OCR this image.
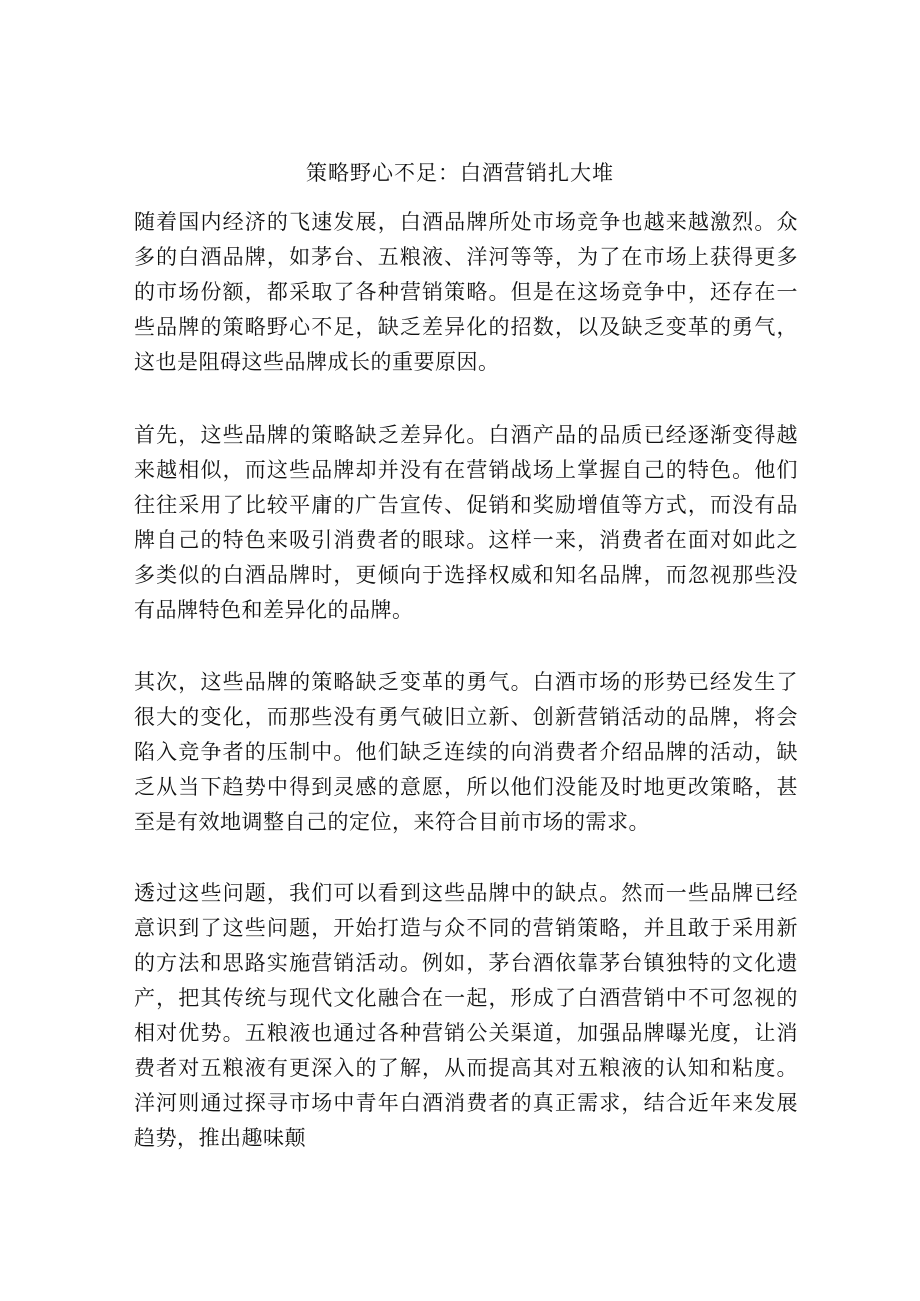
策略野心不足：白酒营销扎大堆

随着国内经济的飞速发展，白酒品牌所处市场竞争也越来越激烈。众多的白酒品牌，如茅台、五粮液、洋河等等，为了在市场上获得更多的市场份额，都采取了各种营销策略。但是在这场竞争中，还存在一些品牌的策略野心不足，缺乏差异化的招数，以及缺乏变革的勇气，这也是阻碍这些品牌成长的重要原因。

首先，这些品牌的策略缺乏差异化。白酒产品的品质已经逐渐变得越来越相似，而这些品牌却并没有在营销战场上掌握自己的特色。他们往往采用了比较平庸的广告宣传、促销和奖励增值等方式，而没有品牌自己的特色来吸引消费者的眼球。这样一来，消费者在面对如此之多类似的白酒品牌时，更倾向于选择权威和知名品牌，而忽视那些没有品牌特色和差异化的品牌。

其次，这些品牌的策略缺乏变革的勇气。白酒市场的形势已经发生了很大的变化，而那些没有勇气破旧立新、创新营销活动的品牌，将会陷入竞争者的压制中。他们缺乏连续的向消费者介绍品牌的活动，缺乏从当下趋势中得到灵感的意愿，所以他们没能及时地更改策略，甚至是有效地调整自己的定位，来符合目前市场的需求。

透过这些问题，我们可以看到这些品牌中的缺点。然而一些品牌已经意识到了这些问题，开始打造与众不同的营销策略，并且敢于采用新的方法和思路实施营销活动。例如，茅台酒依靠茅台镇独特的文化遗产，把其传统与现代文化融合在一起，形成了白酒营销中不可忽视的相对优势。五粮液也通过各种营销公关渠道，加强品牌曝光度，让消费者对五粮液有更深入的了解，从而提高其对五粮液的认知和粘度。洋河则通过探寻市场中青年白酒消费者的真正需求，结合近年来发展趋势，推出趣味颠
